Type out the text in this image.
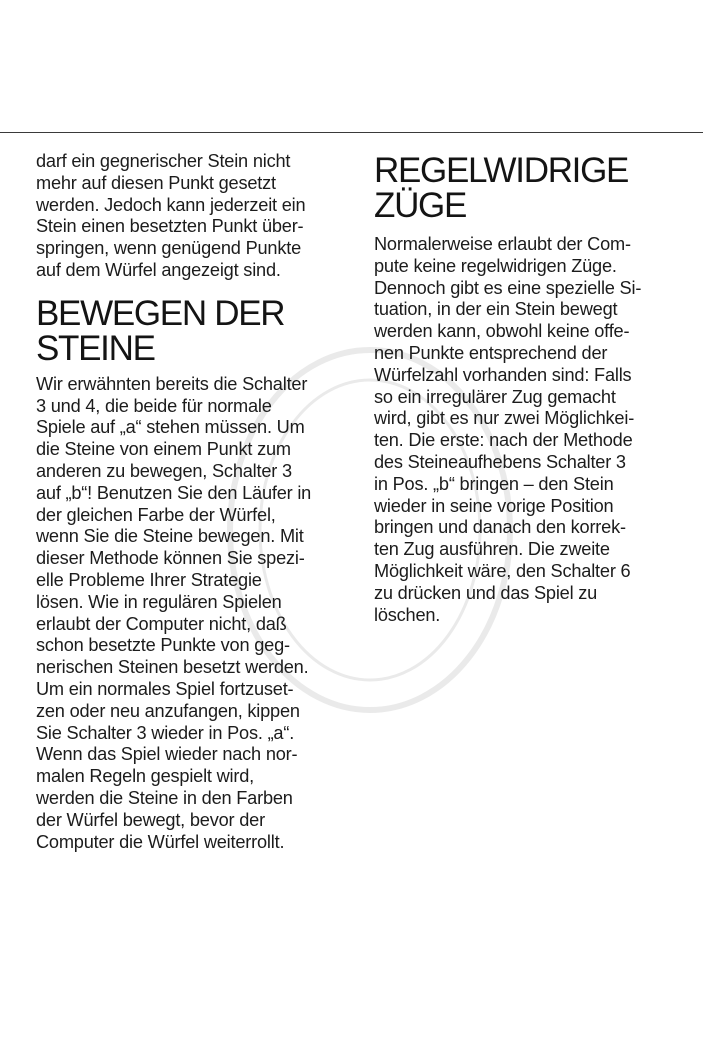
darf ein gegnerischer Stein nicht
mehr auf diesen Punkt gesetzt
werden. Jedoch kann jederzeit ein
Stein einen besetzten Punkt über-
springen, wenn genügend Punkte
auf dem Würfel angezeigt sind.
BEWEGEN DER
STEINE
Wir erwähnten bereits die Schalter
3 und 4, die beide für normale
Spiele auf „a“ stehen müssen. Um
die Steine von einem Punkt zum
anderen zu bewegen, Schalter 3
auf „b“! Benutzen Sie den Läufer in
der gleichen Farbe der Würfel,
wenn Sie die Steine bewegen. Mit
dieser Methode können Sie spezi-
elle Probleme Ihrer Strategie
lösen. Wie in regulären Spielen
erlaubt der Computer nicht, daß
schon besetzte Punkte von geg-
nerischen Steinen besetzt werden.
Um ein normales Spiel fortzuset-
zen oder neu anzufangen, kippen
Sie Schalter 3 wieder in Pos. „a“.
Wenn das Spiel wieder nach nor-
malen Regeln gespielt wird,
werden die Steine in den Farben
der Würfel bewegt, bevor der
Computer die Würfel weiterrollt.
REGELWIDRIGE
ZÜGE
Normalerweise erlaubt der Com-
pute keine regelwidrigen Züge.
Dennoch gibt es eine spezielle Si-
tuation, in der ein Stein bewegt
werden kann, obwohl keine offe-
nen Punkte entsprechend der
Würfelzahl vorhanden sind: Falls
so ein irregulärer Zug gemacht
wird, gibt es nur zwei Möglichkei-
ten. Die erste: nach der Methode
des Steineaufhebens Schalter 3
in Pos. „b“ bringen – den Stein
wieder in seine vorige Position
bringen und danach den korrek-
ten Zug ausführen. Die zweite
Möglichkeit wäre, den Schalter 6
zu drücken und das Spiel zu
löschen.
